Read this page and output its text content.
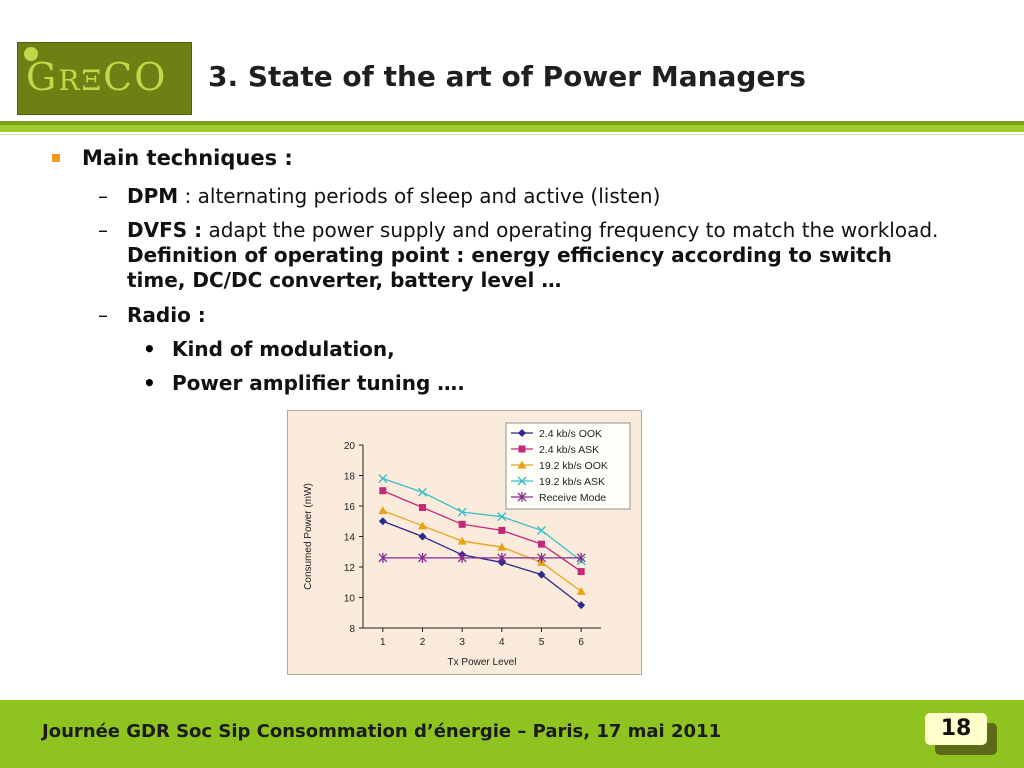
GRΞCO 3. State of the art of Power Managers
Main techniques :
– DPM : alternating periods of sleep and active (listen)
– DVFS : adapt the power supply and operating frequency to match the workload.
Definition of operating point : energy efficiency according to switch
time, DC/DC converter, battery level …
– Radio :
• Kind of modulation,
• Power amplifier tuning ….
8
10
12
14
16
18
20
1	2	3	4	5	6
Tx Power Level
Consumed Power (mW)
2.4 kb/s OOK
2.4 kb/s ASK
19.2 kb/s OOK
19.2 kb/s ASK
Receive Mode
Journée GDR Soc Sip Consommation d’énergie – Paris, 17 mai 2011	18
